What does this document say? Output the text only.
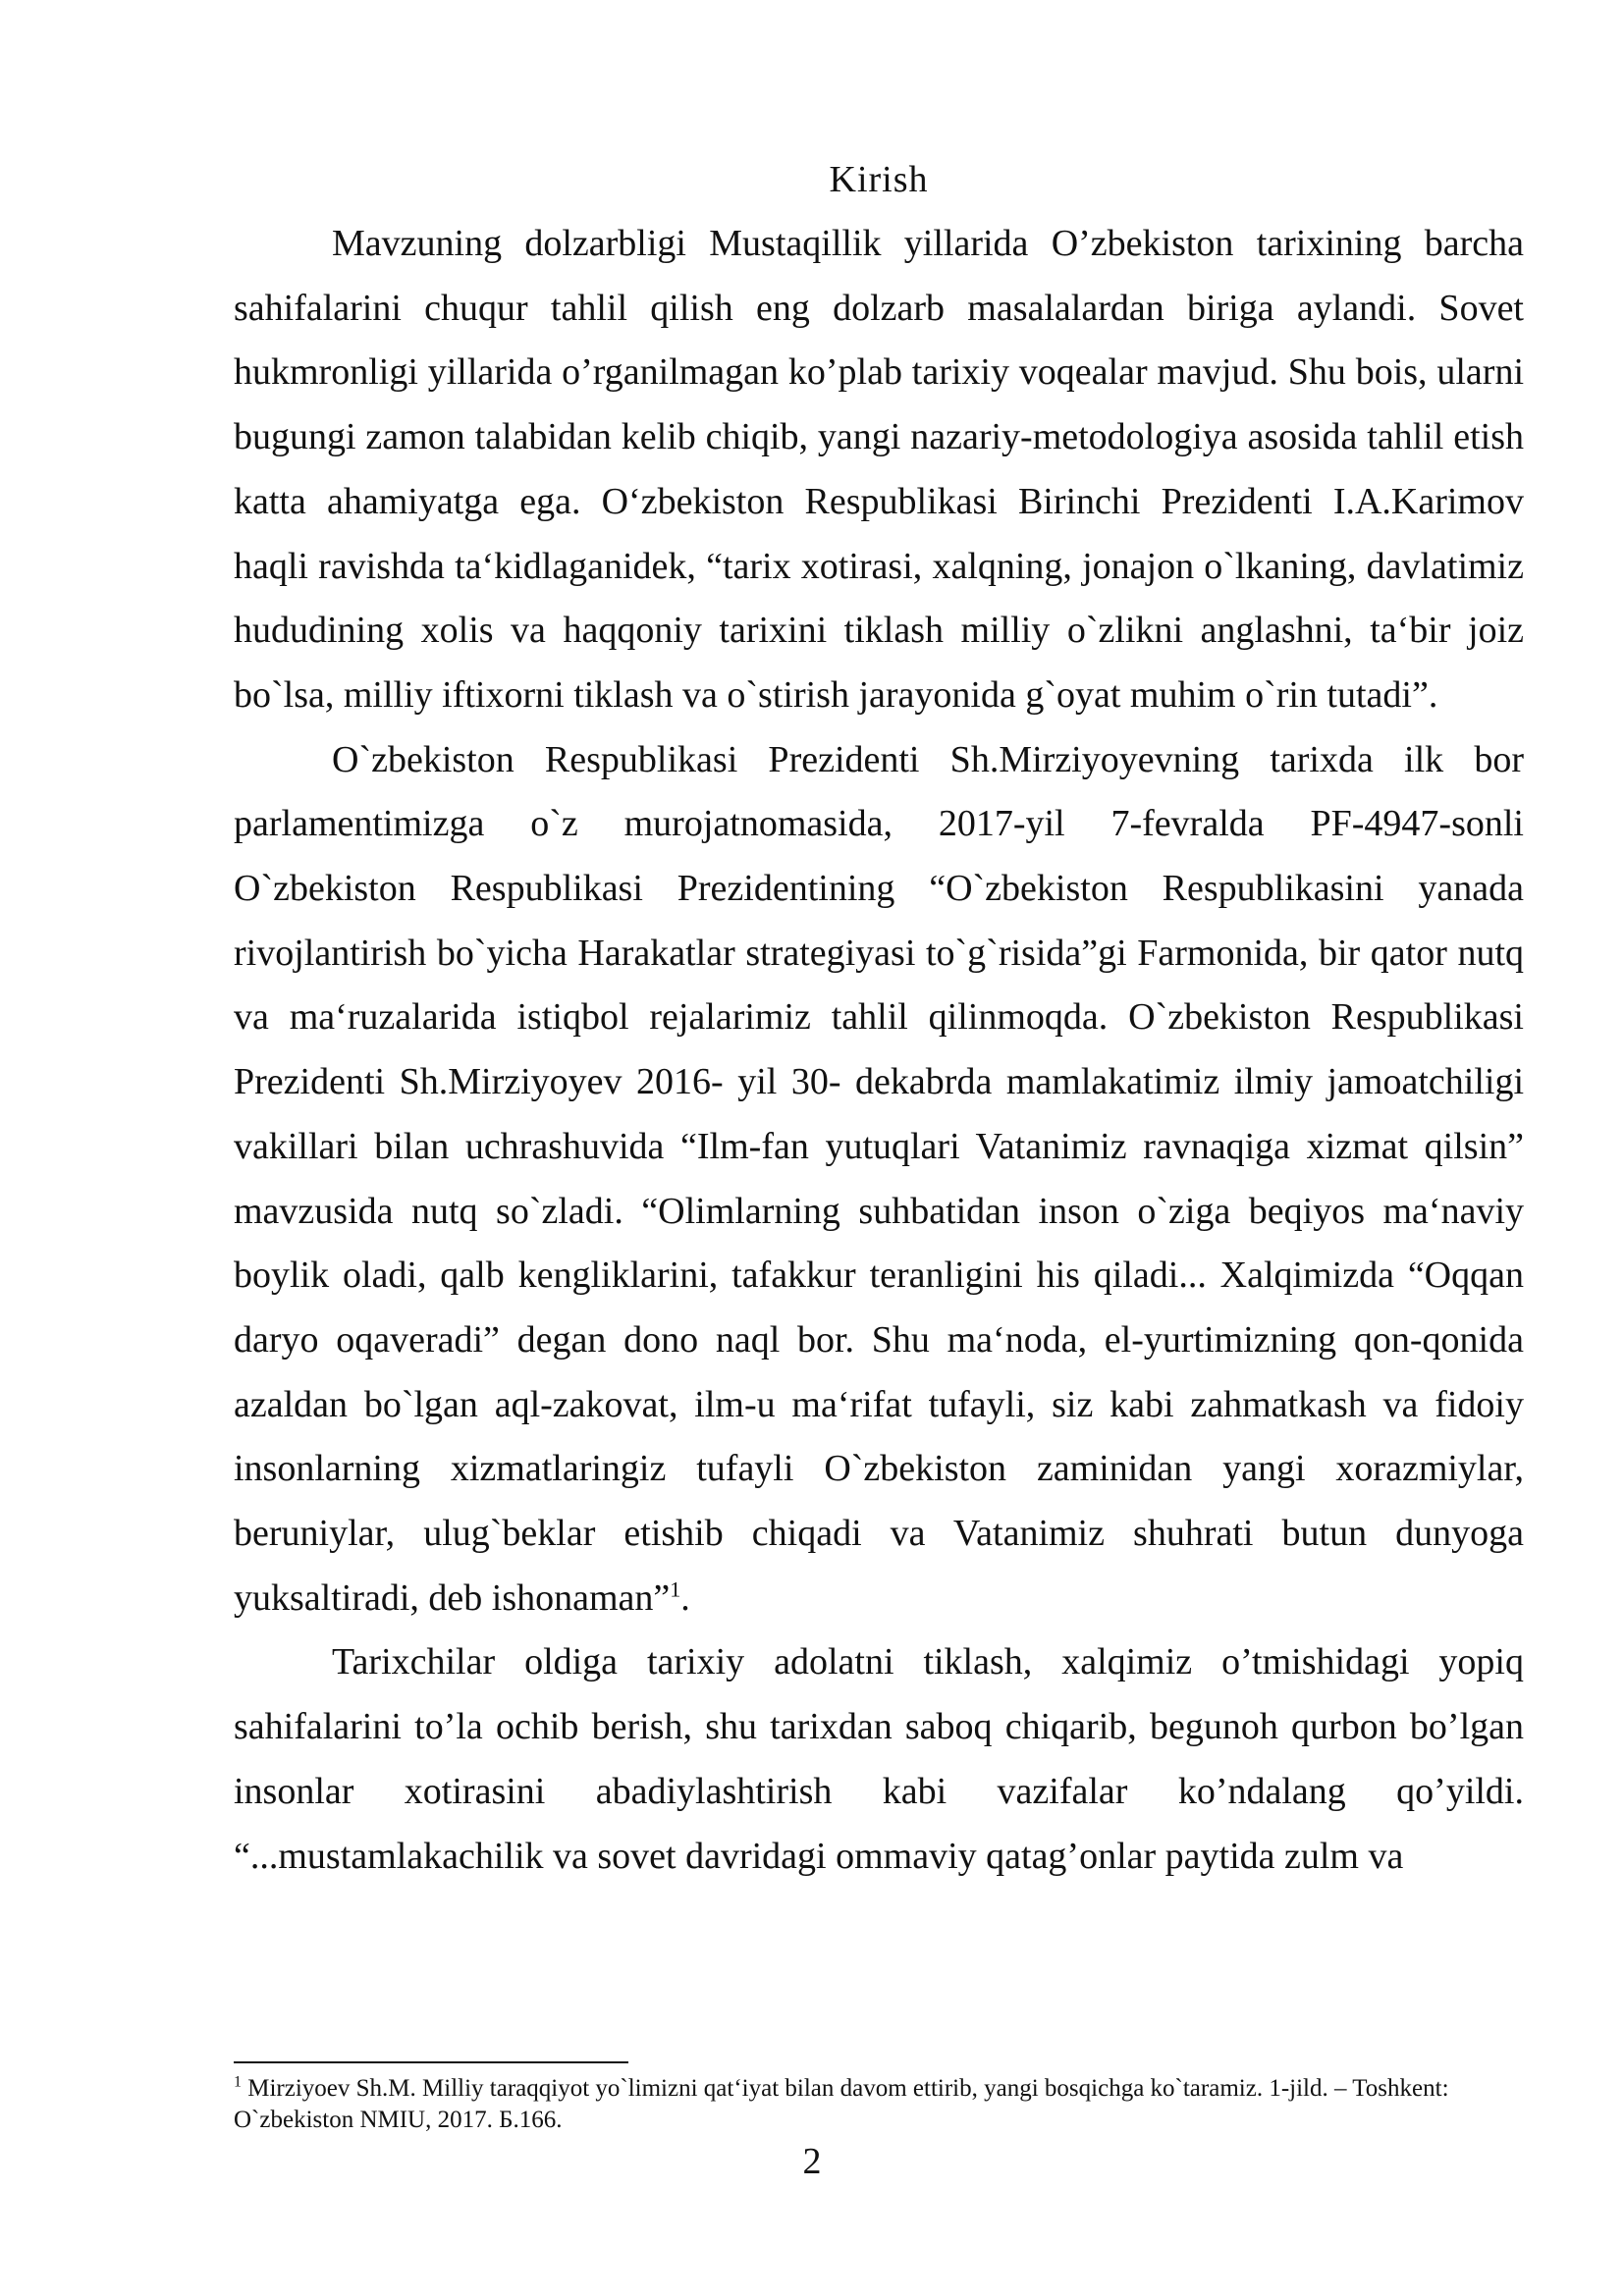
Kirish

Mavzuning dolzarbligi Mustaqillik yillarida O’zbekiston tarixining barcha sahifalarini chuqur tahlil qilish eng dolzarb masalalardan biriga aylandi. Sovet hukmronligi yillarida o’rganilmagan ko’plab tarixiy voqealar mavjud. Shu bois, ularni bugungi zamon talabidan kelib chiqib, yangi nazariy-metodologiya asosida tahlil etish katta ahamiyatga ega. O‘zbekiston Respublikasi Birinchi Prezidenti I.A.Karimov haqli ravishda ta‘kidlaganidek, “tarix xotirasi, xalqning, jonajon o`lkaning, davlatimiz hududining xolis va haqqoniy tarixini tiklash milliy o`zlikni anglashni, ta‘bir joiz bo`lsa, milliy iftixorni tiklash va o`stirish jarayonida g`oyat muhim o`rin tutadi”.

O`zbekiston Respublikasi Prezidenti Sh.Mirziyoyevning tarixda ilk bor parlamentimizga o`z murojatnomasida, 2017-yil 7-fevralda PF-4947-sonli O`zbekiston Respublikasi Prezidentining “O`zbekiston Respublikasini yanada rivojlantirish bo`yicha Harakatlar strategiyasi to`g`risida”gi Farmonida, bir qator nutq va ma‘ruzalarida istiqbol rejalarimiz tahlil qilinmoqda. O`zbekiston Respublikasi Prezidenti Sh.Mirziyoyev 2016- yil 30- dekabrda mamlakatimiz ilmiy jamoatchiligi vakillari bilan uchrashuvida “Ilm-fan yutuqlari Vatanimiz ravnaqiga xizmat qilsin” mavzusida nutq so`zladi. “Olimlarning suhbatidan inson o`ziga beqiyos ma‘naviy boylik oladi, qalb kengliklarini, tafakkur teranligini his qiladi... Xalqimizda “Oqqan daryo oqaveradi” degan dono naql bor. Shu ma‘noda, el-yurtimizning qon-qonida azaldan bo`lgan aql-zakovat, ilm-u ma‘rifat tufayli, siz kabi zahmatkash va fidoiy insonlarning xizmatlaringiz tufayli O`zbekiston zaminidan yangi xorazmiylar, beruniylar, ulug`beklar etishib chiqadi va Vatanimiz shuhrati butun dunyoga yuksaltiradi, deb ishonaman”$^1$.

Tarixchilar oldiga tarixiy adolatni tiklash, xalqimiz o’tmishidagi yopiq sahifalarini to’la ochib berish, shu tarixdan saboq chiqarib, begunoh qurbon bo’lgan insonlar xotirasini abadiylashtirish kabi vazifalar ko’ndalang qo’yildi. “...mustamlakachilik va sovet davridagi ommaviy qatag’onlar paytida zulm va

$^1$ Mirziyoev Sh.M. Milliy taraqqiyot yo`limizni qat‘iyat bilan davom ettirib, yangi bosqichga ko`taramiz. 1-jild. – Toshkent: O`zbekiston NMIU, 2017. Б.166.

2
